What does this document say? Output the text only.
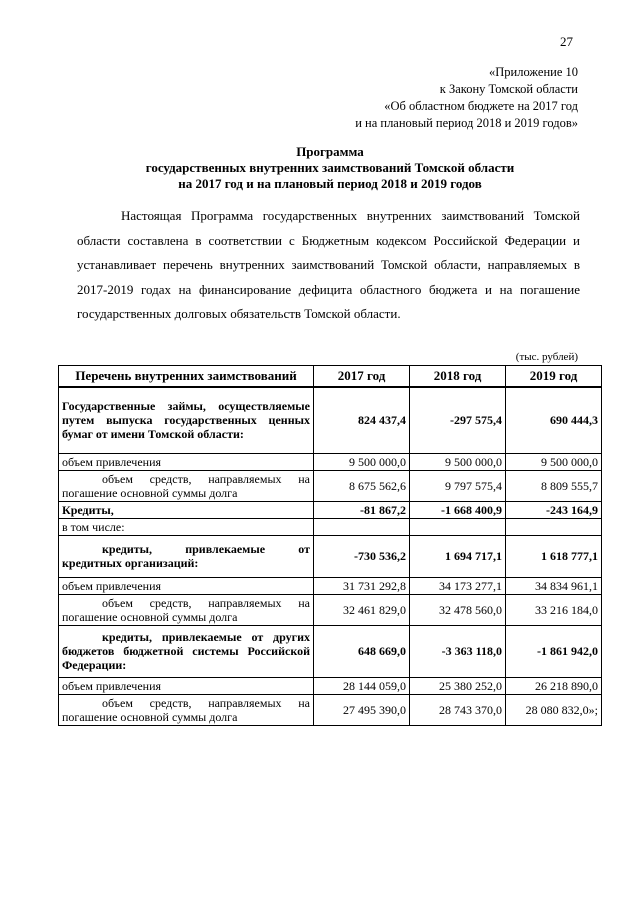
27
«Приложение 10
к Закону Томской области
«Об областном бюджете на 2017 год
и на плановый период 2018 и 2019 годов»
Программа
государственных внутренних заимствований Томской области
на 2017 год и на плановый период 2018 и 2019 годов
Настоящая Программа государственных внутренних заимствований Томской области составлена в соответствии с Бюджетным кодексом Российской Федерации и устанавливает перечень внутренних заимствований Томской области, направляемых в 2017-2019 годах на финансирование дефицита областного бюджета и на погашение государственных долговых обязательств Томской области.
(тыс. рублей)
Перечень внутренних заимствований	2017 год	2018 год	2019 год
Государственные займы, осуществляемые путем выпуска государственных ценных бумаг от имени Томской области:	824 437,4	-297 575,4	690 444,3
объем привлечения	9 500 000,0	9 500 000,0	9 500 000,0
объем средств, направляемых на погашение основной суммы долга	8 675 562,6	9 797 575,4	8 809 555,7
Кредиты,	-81 867,2	-1 668 400,9	-243 164,9
в том числе:			
кредиты, привлекаемые от кредитных организаций:	-730 536,2	1 694 717,1	1 618 777,1
объем привлечения	31 731 292,8	34 173 277,1	34 834 961,1
объем средств, направляемых на погашение основной суммы долга	32 461 829,0	32 478 560,0	33 216 184,0
кредиты, привлекаемые от других бюджетов бюджетной системы Российской Федерации:	648 669,0	-3 363 118,0	-1 861 942,0
объем привлечения	28 144 059,0	25 380 252,0	26 218 890,0
объем средств, направляемых на погашение основной суммы долга	27 495 390,0	28 743 370,0	28 080 832,0»;
